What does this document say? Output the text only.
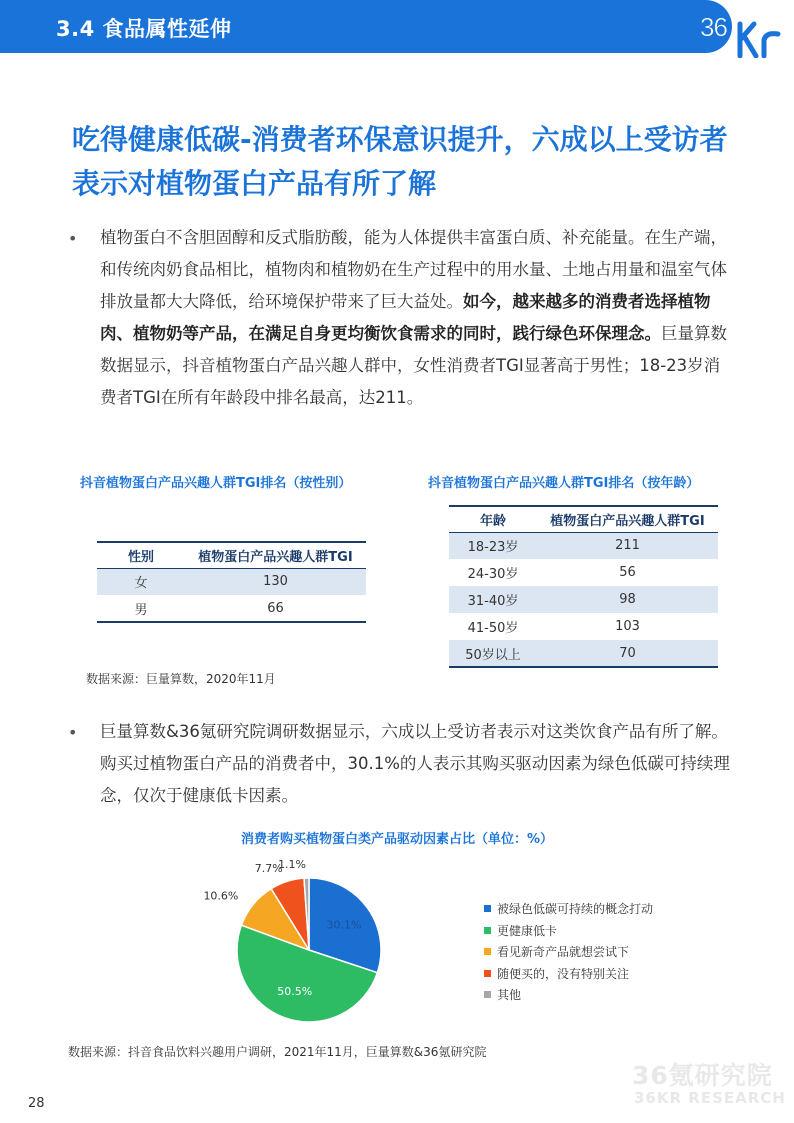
3.4 食品属性延伸	36
吃得健康低碳-消费者环保意识提升，六成以上受访者表示对植物蛋白产品有所了解
• 植物蛋白不含胆固醇和反式脂肪酸，能为人体提供丰富蛋白质、补充能量。在生产端，和传统肉奶食品相比，植物肉和植物奶在生产过程中的用水量、土地占用量和温室气体排放量都大大降低，给环境保护带来了巨大益处。如今，越来越多的消费者选择植物肉、植物奶等产品，在满足自身更均衡饮食需求的同时，践行绿色环保理念。巨量算数数据显示，抖音植物蛋白产品兴趣人群中，女性消费者TGI显著高于男性；18-23岁消费者TGI在所有年龄段中排名最高，达211。
抖音植物蛋白产品兴趣人群TGI排名（按性别）
性别	植物蛋白产品兴趣人群TGI
女	130
男	66
抖音植物蛋白产品兴趣人群TGI排名（按年龄）
年龄	植物蛋白产品兴趣人群TGI
18-23岁	211
24-30岁	56
31-40岁	98
41-50岁	103
50岁以上	70
数据来源：巨量算数，2020年11月
• 巨量算数&36氪研究院调研数据显示，六成以上受访者表示对这类饮食产品有所了解。购买过植物蛋白产品的消费者中，30.1%的人表示其购买驱动因素为绿色低碳可持续理念，仅次于健康低卡因素。
消费者购买植物蛋白类产品驱动因素占比（单位：%）
30.1%
50.5%
10.6%
7.7%
1.1%
被绿色低碳可持续的概念打动
更健康低卡
看见新奇产品就想尝试下
随便买的，没有特别关注
其他
数据来源：抖音食品饮料兴趣用户调研，2021年11月，巨量算数&36氪研究院
36氪研究院
36KR RESEARCH
28
